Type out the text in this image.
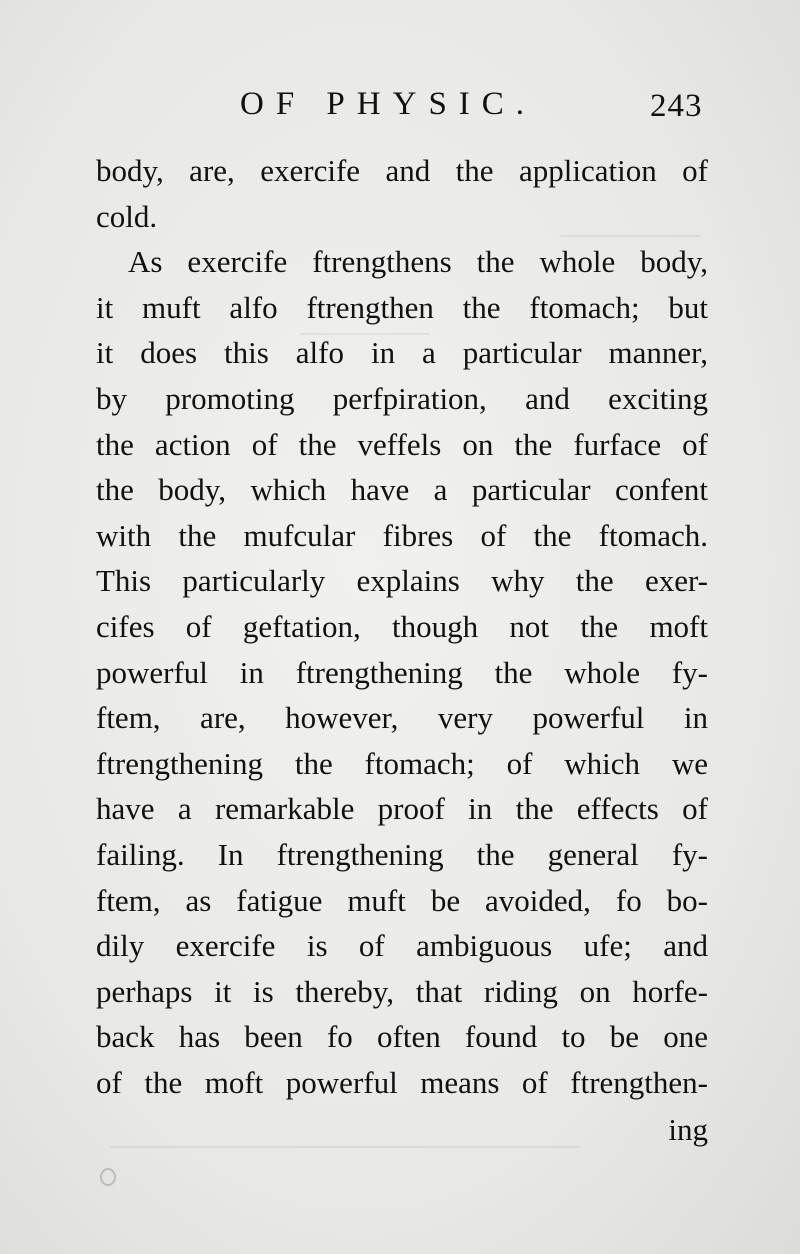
OF PHYSIC.	243
body, are, exercife and the application of
cold.
As exercife ftrengthens the whole body,
it muft alfo ftrengthen the ftomach; but
it does this alfo in a particular manner,
by promoting perfpiration, and exciting
the action of the veffels on the furface of
the body, which have a particular confent
with the mufcular fibres of the ftomach.
This particularly explains why the exer-
cifes of geftation, though not the moft
powerful in ftrengthening the whole fy-
ftem, are, however, very powerful in
ftrengthening the ftomach; of which we
have a remarkable proof in the effects of
failing. In ftrengthening the general fy-
ftem, as fatigue muft be avoided, fo bo-
dily exercife is of ambiguous ufe; and
perhaps it is thereby, that riding on horfe-
back has been fo often found to be one
of the moft powerful means of ftrengthen-
ing
